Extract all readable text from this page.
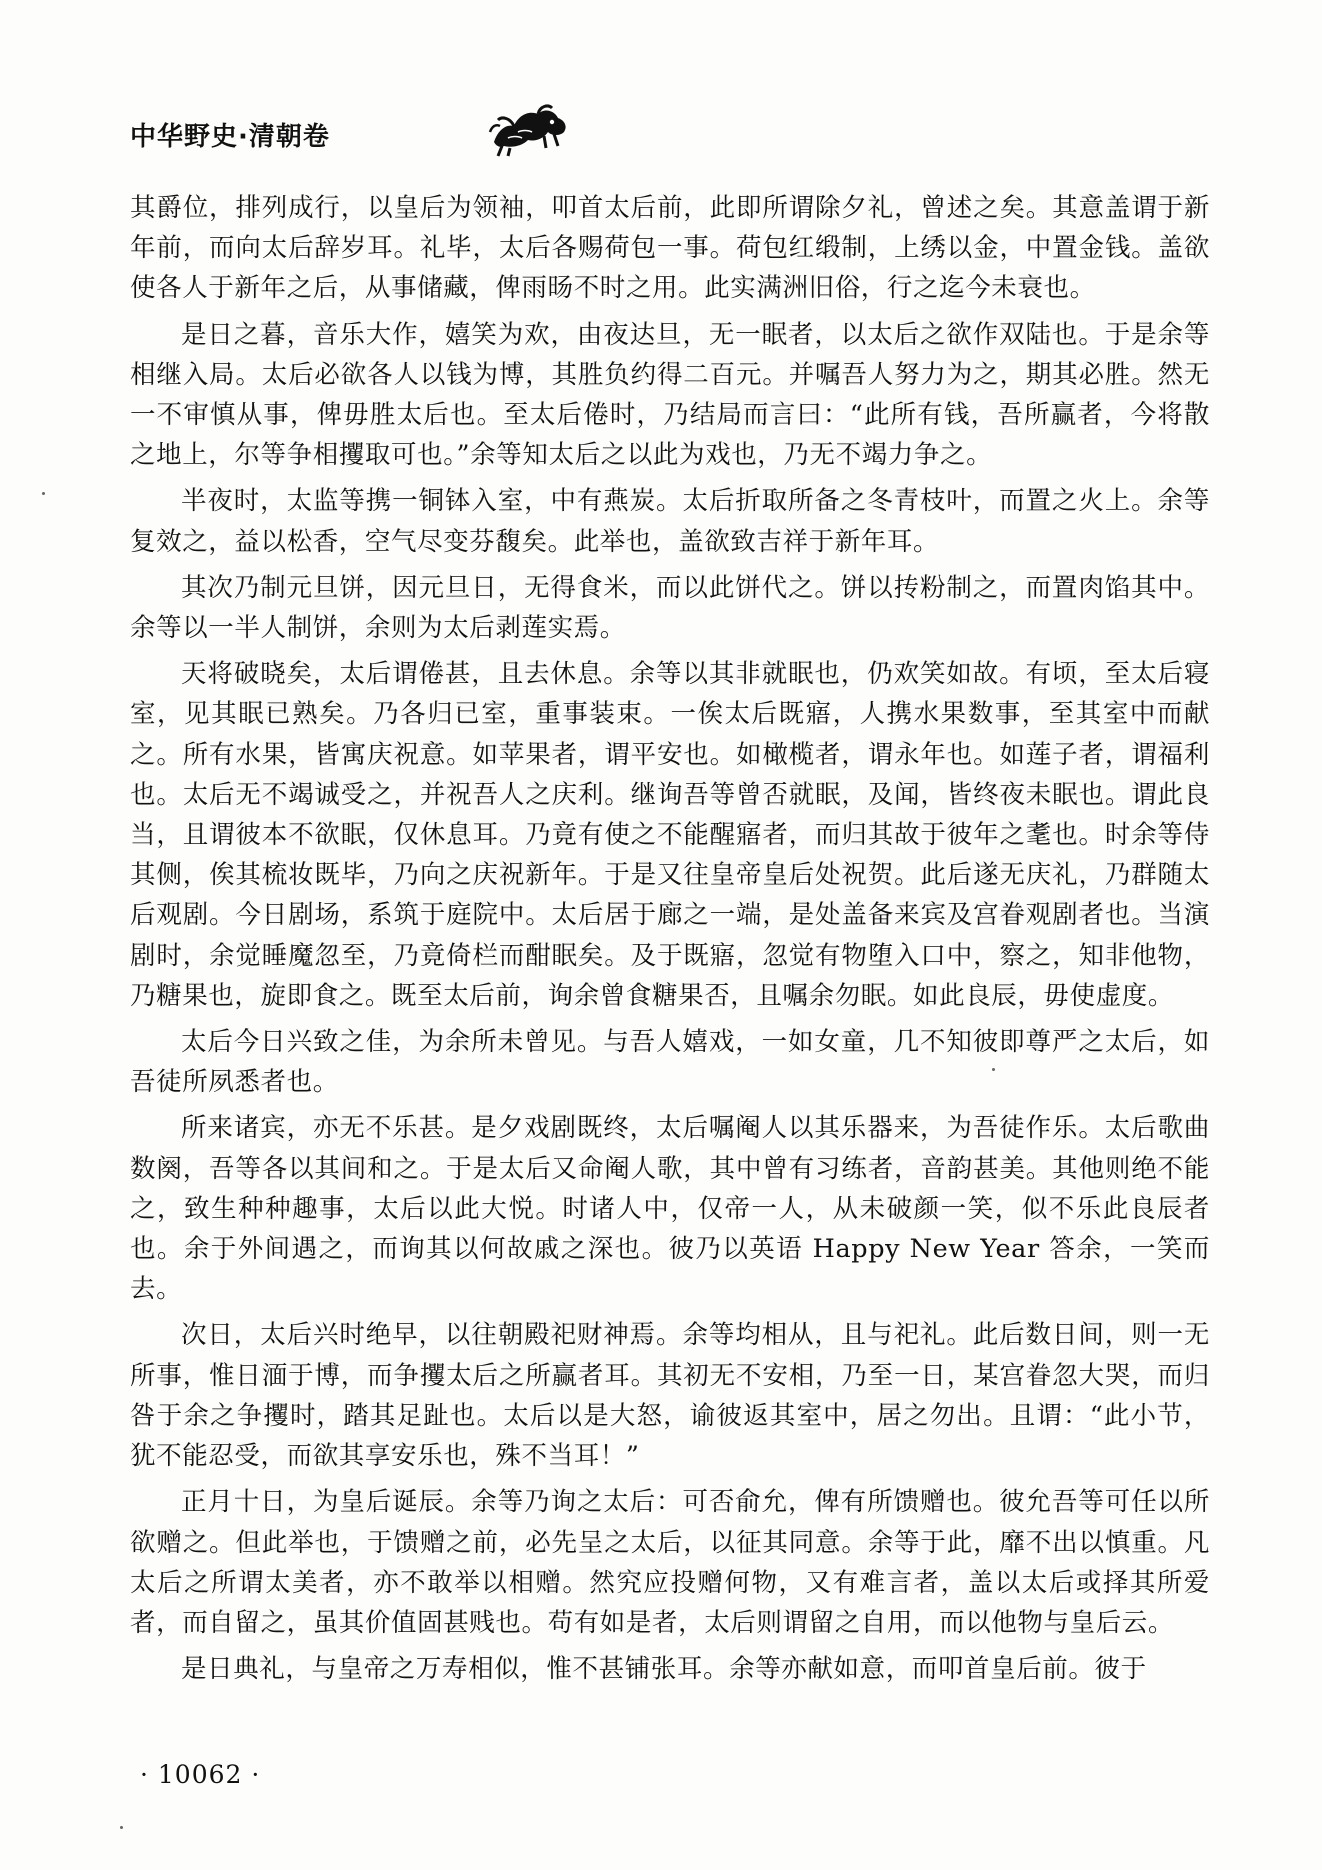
中华野史·清朝卷

其爵位，排列成行，以皇后为领袖，叩首太后前，此即所谓除夕礼，曾述之矣。其意盖谓于新年前，而向太后辞岁耳。礼毕，太后各赐荷包一事。荷包红缎制，上绣以金，中置金钱。盖欲使各人于新年之后，从事储藏，俾雨旸不时之用。此实满洲旧俗，行之迄今未衰也。

是日之暮，音乐大作，嬉笑为欢，由夜达旦，无一眠者，以太后之欲作双陆也。于是余等相继入局。太后必欲各人以钱为博，其胜负约得二百元。并嘱吾人努力为之，期其必胜。然无一不审慎从事，俾毋胜太后也。至太后倦时，乃结局而言曰：“此所有钱，吾所赢者，今将散之地上，尔等争相攫取可也。”余等知太后之以此为戏也，乃无不竭力争之。

半夜时，太监等携一铜钵入室，中有燕炭。太后折取所备之冬青枝叶，而置之火上。余等复效之，益以松香，空气尽变芬馥矣。此举也，盖欲致吉祥于新年耳。

其次乃制元旦饼，因元旦日，无得食米，而以此饼代之。饼以抟粉制之，而置肉馅其中。余等以一半人制饼，余则为太后剥莲实焉。

天将破晓矣，太后谓倦甚，且去休息。余等以其非就眠也，仍欢笑如故。有顷，至太后寝室，见其眠已熟矣。乃各归已室，重事装束。一俟太后既寤，人携水果数事，至其室中而献之。所有水果，皆寓庆祝意。如苹果者，谓平安也。如橄榄者，谓永年也。如莲子者，谓福利也。太后无不竭诚受之，并祝吾人之庆利。继询吾等曾否就眠，及闻，皆终夜未眠也。谓此良当，且谓彼本不欲眠，仅休息耳。乃竟有使之不能醒寤者，而归其故于彼年之耄也。时余等侍其侧，俟其梳妆既毕，乃向之庆祝新年。于是又往皇帝皇后处祝贺。此后遂无庆礼，乃群随太后观剧。今日剧场，系筑于庭院中。太后居于廊之一端，是处盖备来宾及宫眷观剧者也。当演剧时，余觉睡魔忽至，乃竟倚栏而酣眠矣。及于既寤，忽觉有物堕入口中，察之，知非他物，乃糖果也，旋即食之。既至太后前，询余曾食糖果否，且嘱余勿眠。如此良辰，毋使虚度。

太后今日兴致之佳，为余所未曾见。与吾人嬉戏，一如女童，几不知彼即尊严之太后，如吾徒所夙悉者也。

所来诸宾，亦无不乐甚。是夕戏剧既终，太后嘱阉人以其乐器来，为吾徒作乐。太后歌曲数阕，吾等各以其间和之。于是太后又命阉人歌，其中曾有习练者，音韵甚美。其他则绝不能之，致生种种趣事，太后以此大悦。时诸人中，仅帝一人，从未破颜一笑，似不乐此良辰者也。余于外间遇之，而询其以何故戚之深也。彼乃以英语 Happy New Year 答余，一笑而去。

次日，太后兴时绝早，以往朝殿祀财神焉。余等均相从，且与祀礼。此后数日间，则一无所事，惟日湎于博，而争攫太后之所赢者耳。其初无不安相，乃至一日，某宫眷忽大哭，而归咎于余之争攫时，踏其足趾也。太后以是大怒，谕彼返其室中，居之勿出。且谓：“此小节，犹不能忍受，而欲其享安乐也，殊不当耳！”

正月十日，为皇后诞辰。余等乃询之太后：可否俞允，俾有所馈赠也。彼允吾等可任以所欲赠之。但此举也，于馈赠之前，必先呈之太后，以征其同意。余等于此，靡不出以慎重。凡太后之所谓太美者，亦不敢举以相赠。然究应投赠何物，又有难言者，盖以太后或择其所爱者，而自留之，虽其价值固甚贱也。苟有如是者，太后则谓留之自用，而以他物与皇后云。

是日典礼，与皇帝之万寿相似，惟不甚铺张耳。余等亦献如意，而叩首皇后前。彼于

· 10062 ·
